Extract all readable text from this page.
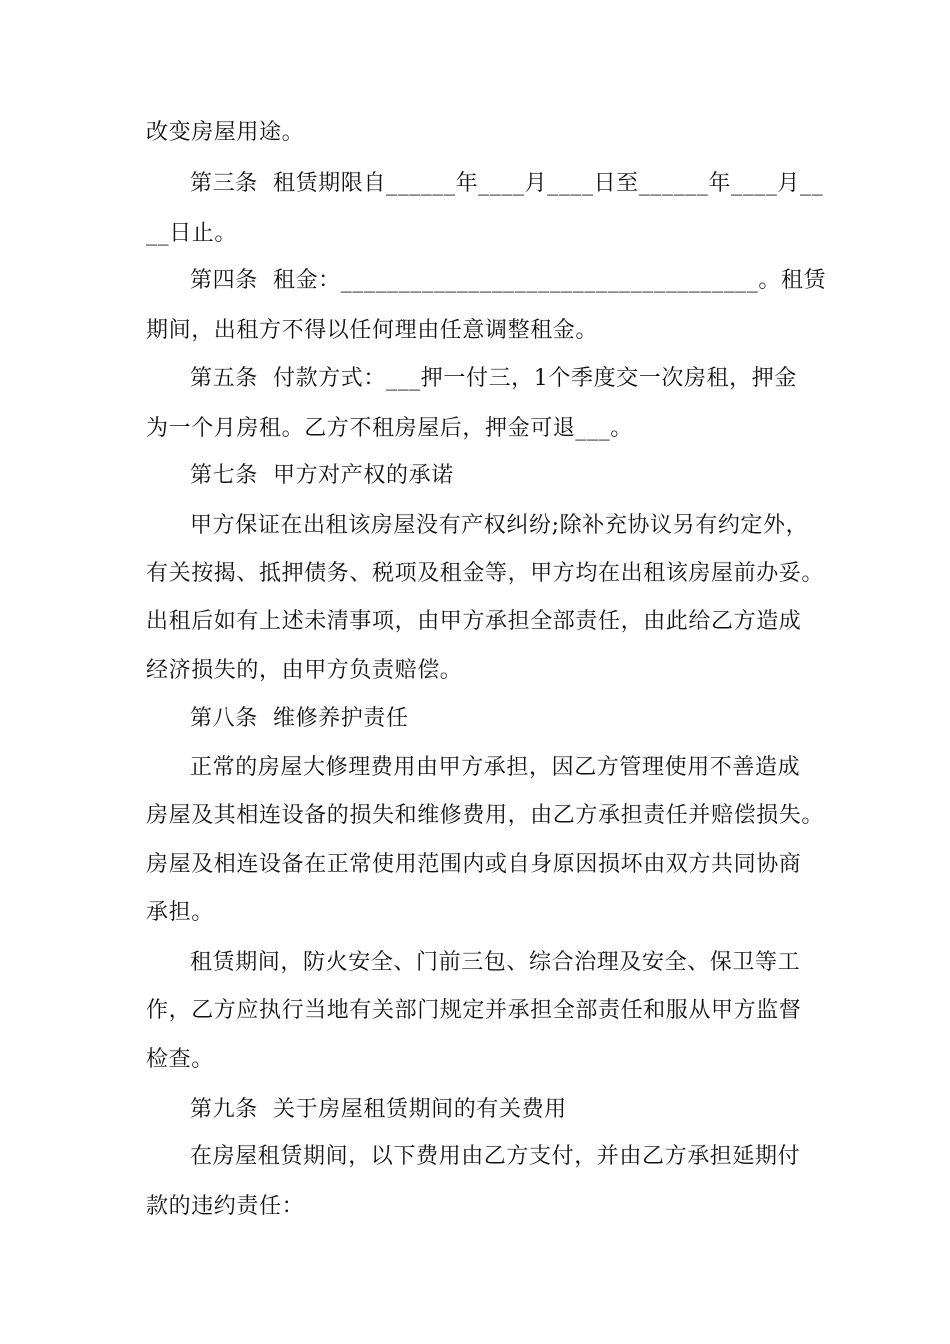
改变房屋用途。

第三条  租赁期限自______年____月____日至______年____月__

__日止。

第四条  租金：____________________________________。租赁

期间，出租方不得以任何理由任意调整租金。

第五条  付款方式：___押一付三，1个季度交一次房租，押金

为一个月房租。乙方不租房屋后，押金可退___。

第七条  甲方对产权的承诺

甲方保证在出租该房屋没有产权纠纷;除补充协议另有约定外，

有关按揭、抵押债务、税项及租金等，甲方均在出租该房屋前办妥。

出租后如有上述未清事项，由甲方承担全部责任，由此给乙方造成

经济损失的，由甲方负责赔偿。

第八条  维修养护责任

正常的房屋大修理费用由甲方承担，因乙方管理使用不善造成

房屋及其相连设备的损失和维修费用，由乙方承担责任并赔偿损失。

房屋及相连设备在正常使用范围内或自身原因损坏由双方共同协商

承担。

租赁期间，防火安全、门前三包、综合治理及安全、保卫等工

作，乙方应执行当地有关部门规定并承担全部责任和服从甲方监督

检查。

第九条  关于房屋租赁期间的有关费用

在房屋租赁期间，以下费用由乙方支付，并由乙方承担延期付

款的违约责任：
